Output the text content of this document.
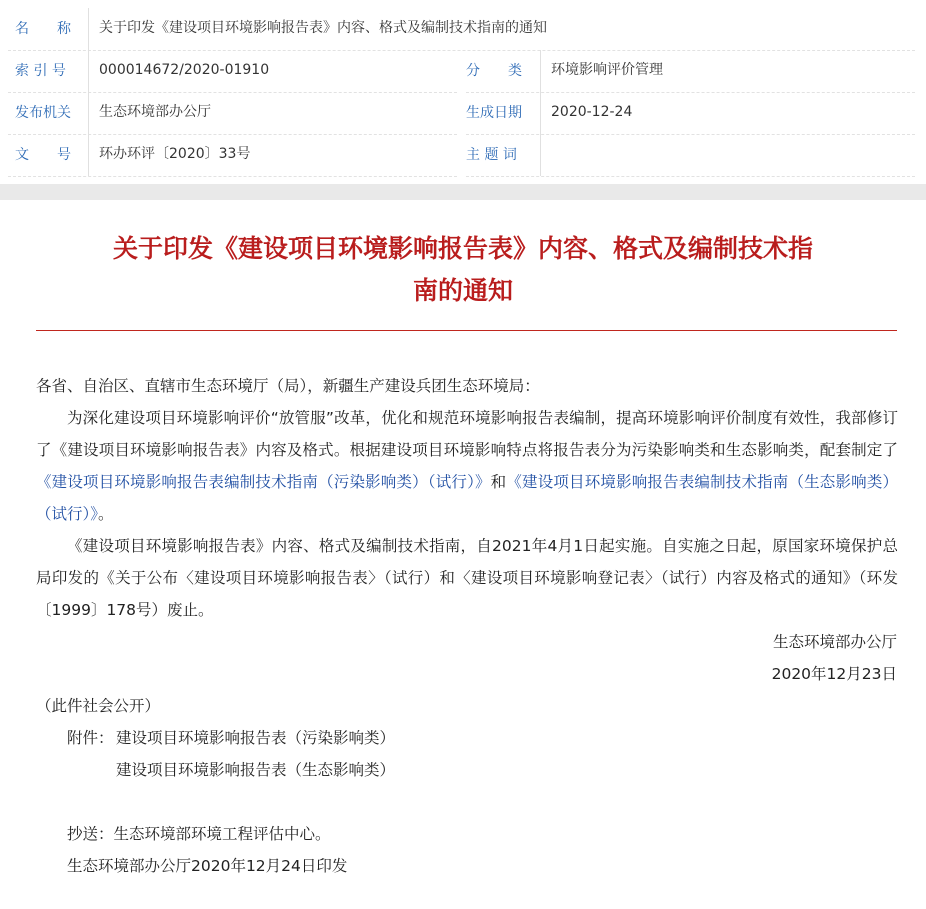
名　　称	关于印发《建设项目环境影响报告表》内容、格式及编制技术指南的通知
索 引 号	000014672/2020-01910	分　　类	环境影响评价管理
发布机关	生态环境部办公厅	生成日期	2020-12-24
文　　号	环办环评〔2020〕33号	主 题 词
关于印发《建设项目环境影响报告表》内容、格式及编制技术指
南的通知
各省、自治区、直辖市生态环境厅（局），新疆生产建设兵团生态环境局：
为深化建设项目环境影响评价“放管服”改革，优化和规范环境影响报告表编制，提高环境影响评价制度有效性，我部修订了《建设项目环境影响报告表》内容及格式。根据建设项目环境影响特点将报告表分为污染影响类和生态影响类，配套制定了《建设项目环境影响报告表编制技术指南（污染影响类）（试行）》和《建设项目环境影响报告表编制技术指南（生态影响类）（试行）》。
《建设项目环境影响报告表》内容、格式及编制技术指南，自2021年4月1日起实施。自实施之日起，原国家环境保护总局印发的《关于公布〈建设项目环境影响报告表〉（试行）和〈建设项目环境影响登记表〉（试行）内容及格式的通知》（环发〔1999〕178号）废止。
生态环境部办公厅
2020年12月23日
（此件社会公开）
附件： 建设项目环境影响报告表（污染影响类）
建设项目环境影响报告表（生态影响类）
抄送：生态环境部环境工程评估中心。
生态环境部办公厅2020年12月24日印发
